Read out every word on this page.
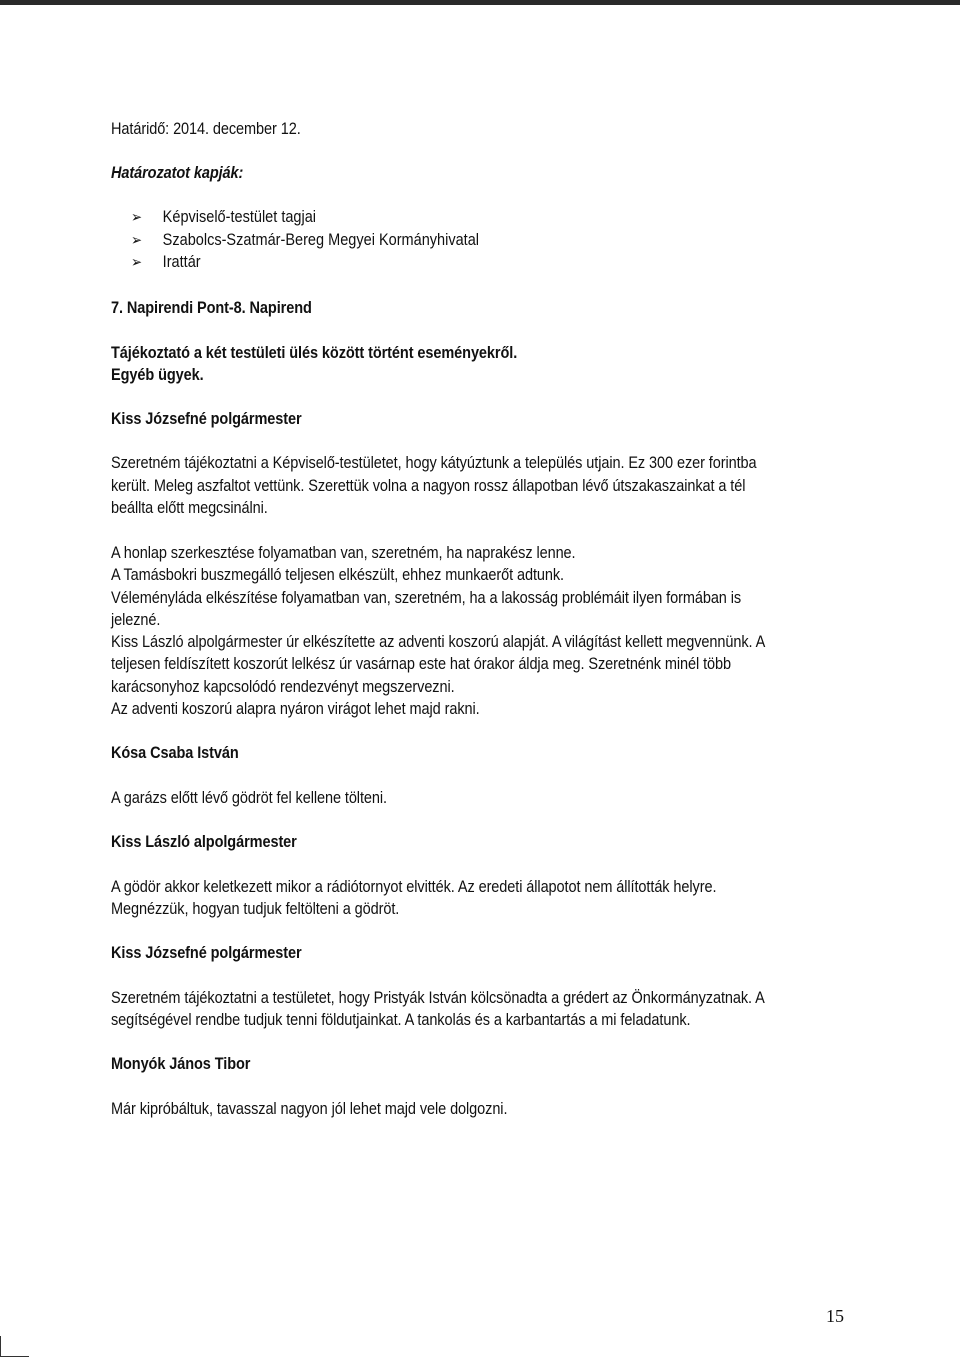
Határidő: 2014. december 12.
Határozatot kapják:
➢ Képviselő-testület tagjai
➢ Szabolcs-Szatmár-Bereg Megyei Kormányhivatal
➢ Irattár
7. Napirendi Pont-8. Napirend
Tájékoztató a két testületi ülés között történt eseményekről.
Egyéb ügyek.
Kiss Józsefné polgármester
Szeretném tájékoztatni a Képviselő-testületet, hogy kátyúztunk a település utjain. Ez 300 ezer forintba
került. Meleg aszfaltot vettünk. Szerettük volna a nagyon rossz állapotban lévő útszakaszainkat a tél
beállta előtt megcsinálni.
A honlap szerkesztése folyamatban van, szeretném, ha naprakész lenne.
A Tamásbokri buszmegálló teljesen elkészült, ehhez munkaerőt adtunk.
Véleményláda elkészítése folyamatban van, szeretném, ha a lakosság problémáit ilyen formában is
jelezné.
Kiss László alpolgármester úr elkészítette az adventi koszorú alapját. A világítást kellett megvennünk. A
teljesen feldíszített koszorút lelkész úr vasárnap este hat órakor áldja meg. Szeretnénk minél több
karácsonyhoz kapcsolódó rendezvényt megszervezni.
Az adventi koszorú alapra nyáron virágot lehet majd rakni.
Kósa Csaba István
A garázs előtt lévő gödröt fel kellene tölteni.
Kiss László alpolgármester
A gödör akkor keletkezett mikor a rádiótornyot elvitték. Az eredeti állapotot nem állították helyre.
Megnézzük, hogyan tudjuk feltölteni a gödröt.
Kiss Józsefné polgármester
Szeretném tájékoztatni a testületet, hogy Pristyák István kölcsönadta a grédert az Önkormányzatnak. A
segítségével rendbe tudjuk tenni földutjainkat. A tankolás és a karbantartás a mi feladatunk.
Monyók János Tibor
Már kipróbáltuk, tavasszal nagyon jól lehet majd vele dolgozni.
15
